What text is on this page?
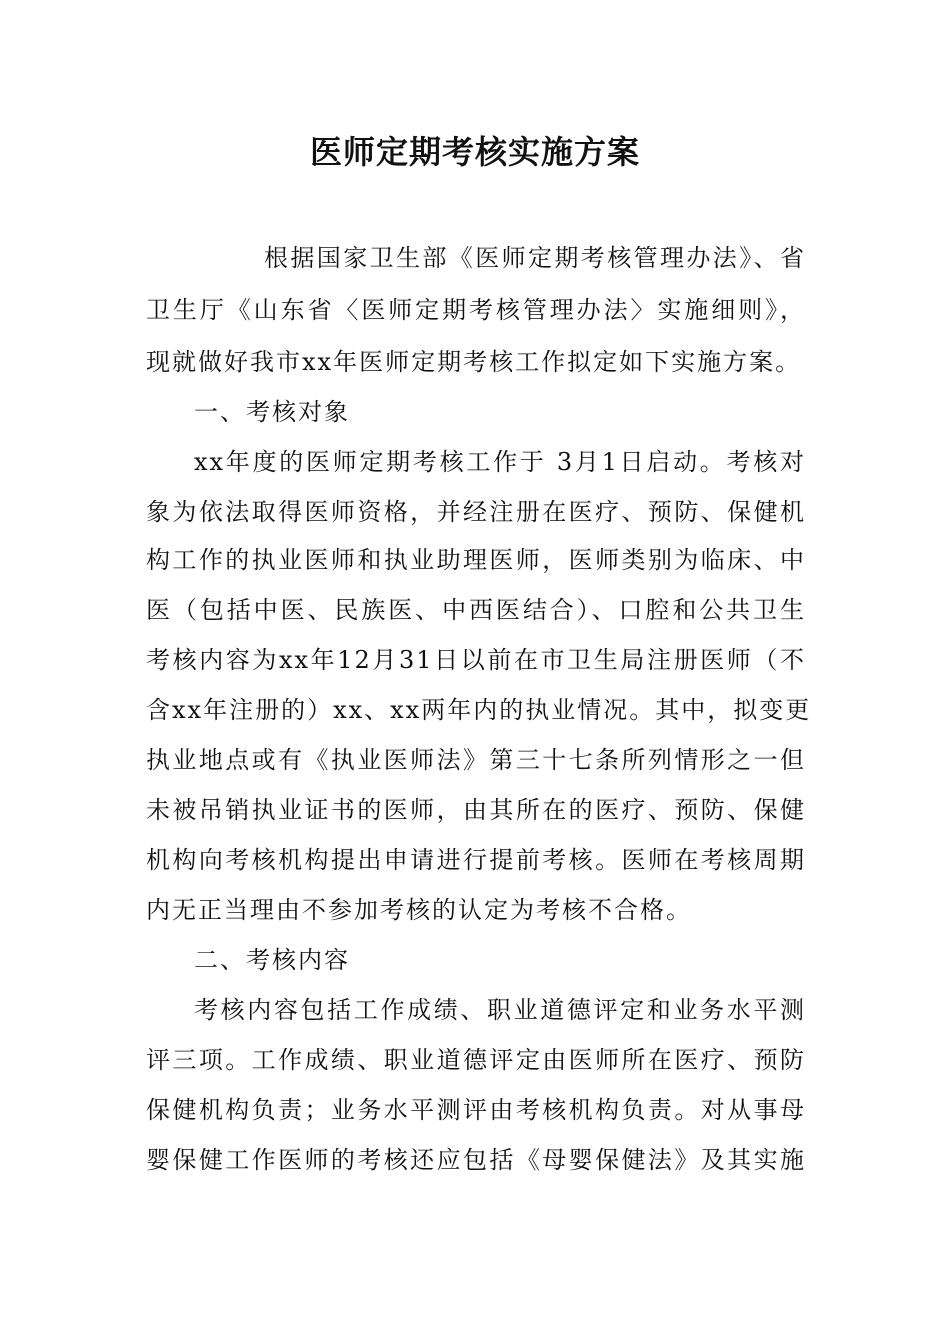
医师定期考核实施方案
根据国家卫生部《医师定期考核管理办法》、省
卫生厅《山东省〈医师定期考核管理办法〉实施细则》，
现就做好我市xx年医师定期考核工作拟定如下实施方案。
一、考核对象
xx年度的医师定期考核工作于 3月1日启动。考核对
象为依法取得医师资格，并经注册在医疗、预防、保健机
构工作的执业医师和执业助理医师，医师类别为临床、中
医（包括中医、民族医、中西医结合）、口腔和公共卫生
考核内容为xx年12月31日以前在市卫生局注册医师（不
含xx年注册的）xx、xx两年内的执业情况。其中，拟变更
执业地点或有《执业医师法》第三十七条所列情形之一但
未被吊销执业证书的医师，由其所在的医疗、预防、保健
机构向考核机构提出申请进行提前考核。医师在考核周期
内无正当理由不参加考核的认定为考核不合格。
二、考核内容
考核内容包括工作成绩、职业道德评定和业务水平测
评三项。工作成绩、职业道德评定由医师所在医疗、预防
保健机构负责；业务水平测评由考核机构负责。对从事母
婴保健工作医师的考核还应包括《母婴保健法》及其实施
